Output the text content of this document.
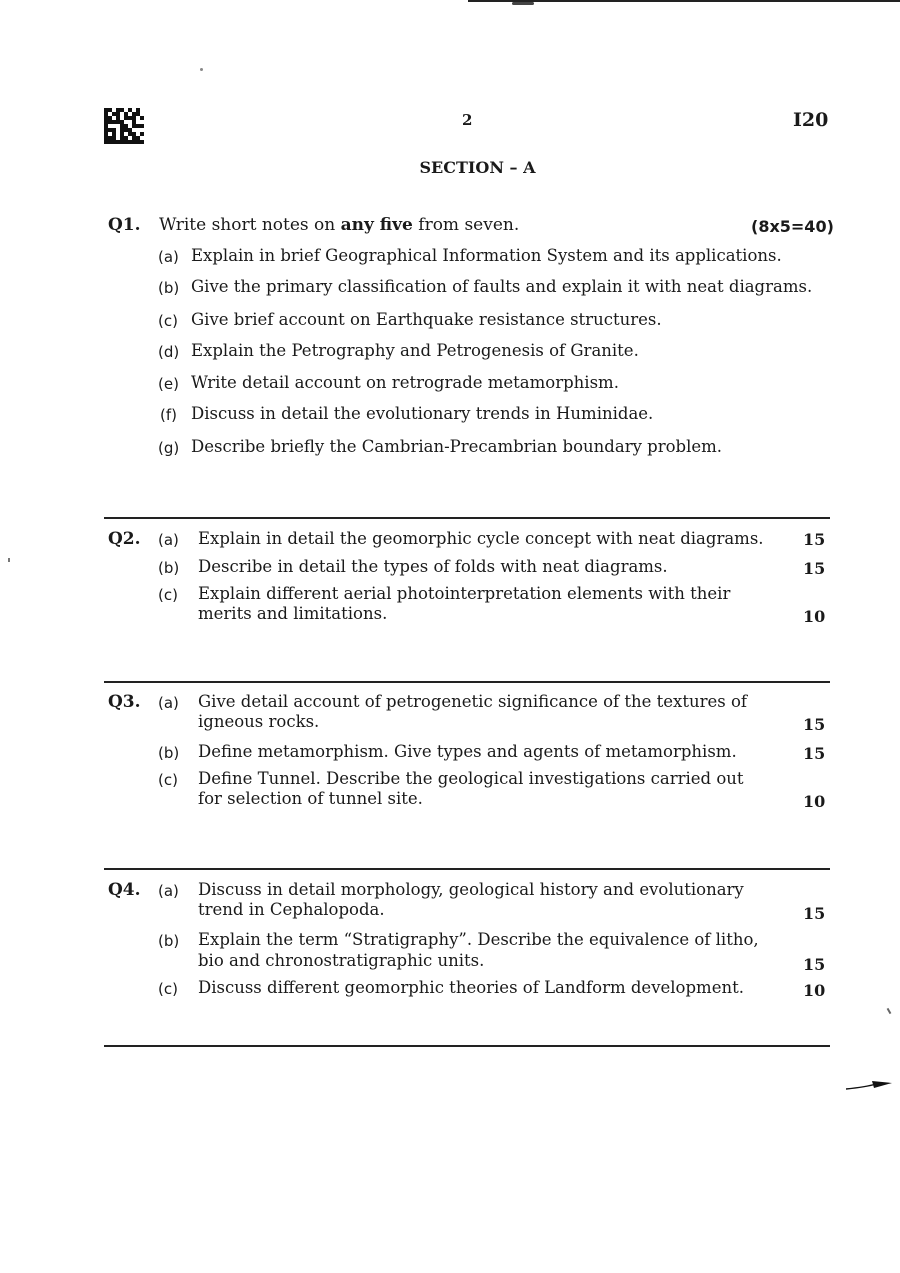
2	I20
SECTION – A
Q1. Write short notes on any five from seven.	(8x5=40)
(a) Explain in brief Geographical Information System and its applications.
(b) Give the primary classification of faults and explain it with neat diagrams.
(c) Give brief account on Earthquake resistance structures.
(d) Explain the Petrography and Petrogenesis of Granite.
(e) Write detail account on retrograde metamorphism.
(f) Discuss in detail the evolutionary trends in Huminidae.
(g) Describe briefly the Cambrian-Precambrian boundary problem.
Q2. (a) Explain in detail the geomorphic cycle concept with neat diagrams. 15
(b) Describe in detail the types of folds with neat diagrams.	15
(c) Explain different aerial photointerpretation elements with their
merits and limitations.	10
Q3. (a) Give detail account of petrogenetic significance of the textures of
igneous rocks.	15
(b) Define metamorphism. Give types and agents of metamorphism.	15
(c) Define Tunnel. Describe the geological investigations carried out
for selection of tunnel site.	10
Q4. (a) Discuss in detail morphology, geological history and evolutionary
trend in Cephalopoda.	15
(b) Explain the term “Stratigraphy”. Describe the equivalence of litho,
bio and chronostratigraphic units.	15
(c) Discuss different geomorphic theories of Landform development.	10
